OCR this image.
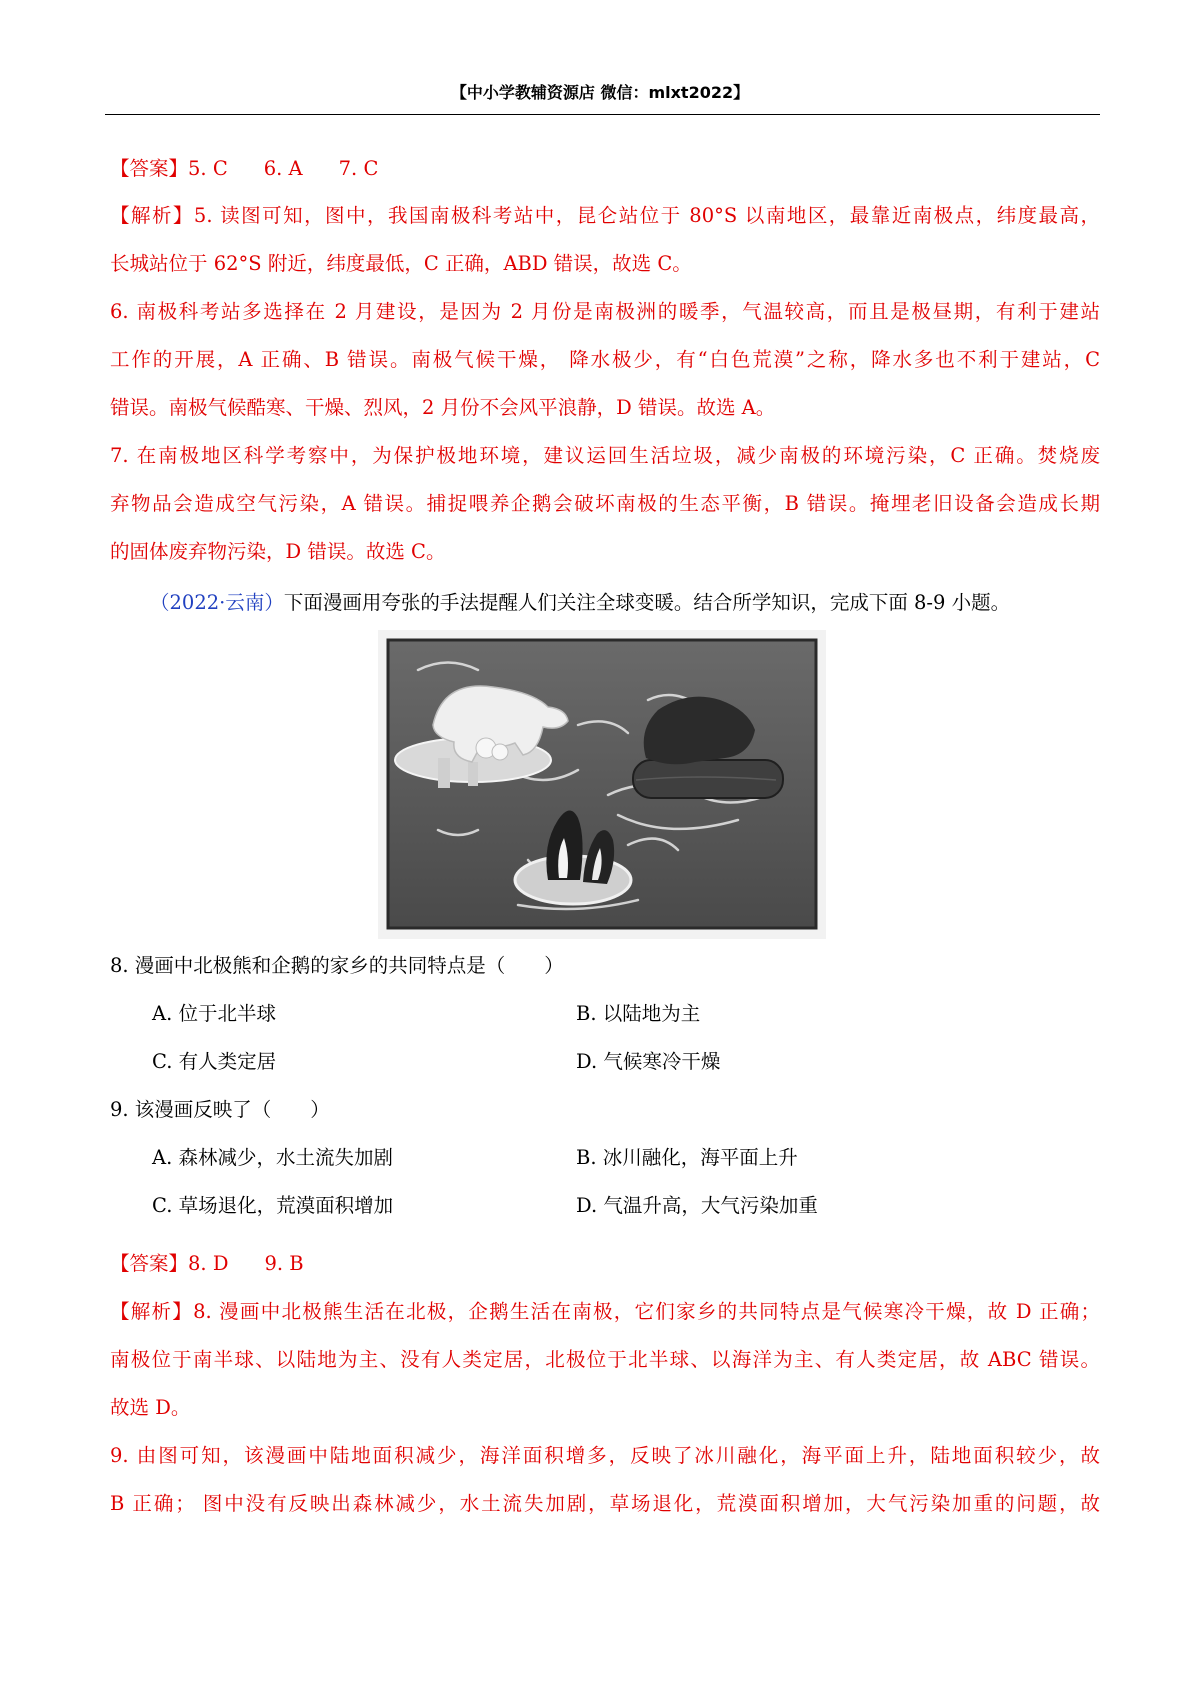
【中小学教辅资源店 微信：mlxt2022】
【答案】5. C 6. A 7. C
【解析】5. 读图可知，图中，我国南极科考站中，昆仑站位于 80°S 以南地区，最靠近南极点，纬度最高，
长城站位于 62°S 附近，纬度最低，C 正确，ABD 错误，故选 C。
6. 南极科考站多选择在 2 月建设，是因为 2 月份是南极洲的暖季，气温较高，而且是极昼期，有利于建站
工作的开展，A 正确、B 错误。南极气候干燥， 降水极少，有“白色荒漠”之称，降水多也不利于建站，C
错误。南极气候酷寒、干燥、烈风，2 月份不会风平浪静，D 错误。故选 A。
7. 在南极地区科学考察中，为保护极地环境，建议运回生活垃圾，减少南极的环境污染，C 正确。焚烧废
弃物品会造成空气污染，A 错误。捕捉喂养企鹅会破坏南极的生态平衡，B 错误。掩埋老旧设备会造成长期
的固体废弃物污染，D 错误。故选 C。
（2022·云南）下面漫画用夸张的手法提醒人们关注全球变暖。结合所学知识，完成下面 8-9 小题。
8. 漫画中北极熊和企鹅的家乡的共同特点是（　　）
A. 位于北半球	B. 以陆地为主
C. 有人类定居	D. 气候寒冷干燥
9. 该漫画反映了（　　）
A. 森林减少，水土流失加剧	B. 冰川融化，海平面上升
C. 草场退化，荒漠面积增加	D. 气温升高，大气污染加重
【答案】8. D 9. B
【解析】8. 漫画中北极熊生活在北极，企鹅生活在南极，它们家乡的共同特点是气候寒冷干燥，故 D 正确；
南极位于南半球、以陆地为主、没有人类定居，北极位于北半球、以海洋为主、有人类定居，故 ABC 错误。
故选 D。
9. 由图可知，该漫画中陆地面积减少，海洋面积增多，反映了冰川融化，海平面上升，陆地面积较少，故
B 正确； 图中没有反映出森林减少，水土流失加剧，草场退化，荒漠面积增加，大气污染加重的问题，故
